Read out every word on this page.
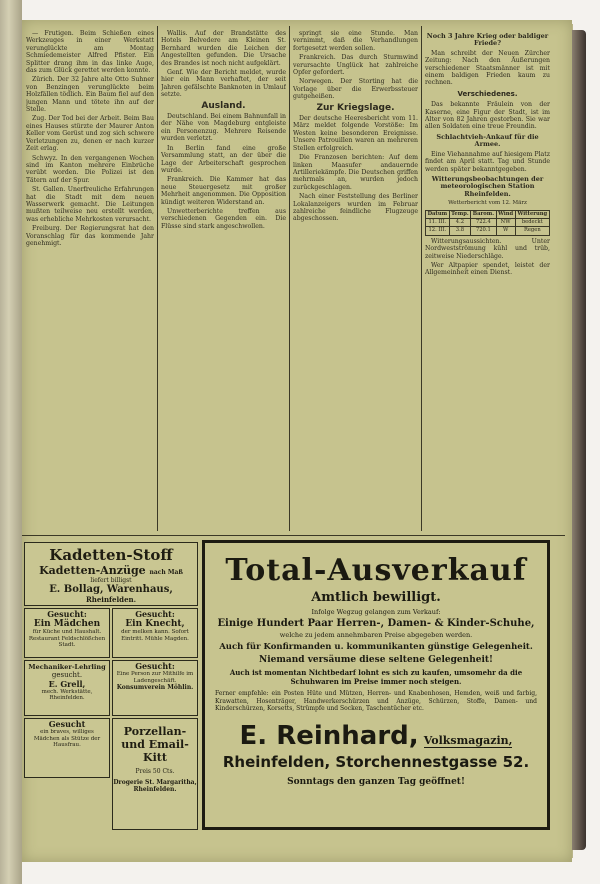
— Frutigen. Beim Schießen eines Werkzeuges in einer Werkstatt verunglückte am Montag Schmiedemeister Alfred Pfister. Ein Splitter drang ihm in das linke Auge, das zum Glück gerettet werden konnte.

Zürich. Der 32 Jahre alte Otto Suhner von Benzingen verunglückte beim Holzfällen tödlich. Ein Baum fiel auf den jungen Mann und tötete ihn auf der Stelle.

Zug. Der Tod bei der Arbeit. Beim Bau eines Hauses stürzte der Maurer Anton Keller vom Gerüst und zog sich schwere Verletzungen zu, denen er nach kurzer Zeit erlag.

Schwyz. In den vergangenen Wochen sind im Kanton mehrere Einbrüche verübt worden. Die Polizei ist den Tätern auf der Spur.

St. Gallen. Unerfreuliche Erfahrungen hat die Stadt mit dem neuen Wasserwerk gemacht. Die Leitungen mußten teilweise neu erstellt werden, was erhebliche Mehrkosten verursacht.

Freiburg. Der Regierungsrat hat den Voranschlag für das kommende Jahr genehmigt.

Wallis. Auf der Brandstätte des Hotels Belvedere am Kleinen St. Bernhard wurden die Leichen der Angestellten gefunden. Die Ursache des Brandes ist noch nicht aufgeklärt.

Genf. Wie der Bericht meldet, wurde hier ein Mann verhaftet, der seit Jahren gefälschte Banknoten in Umlauf setzte.

Ausland.

Deutschland. Bei einem Bahnunfall in der Nähe von Magdeburg entgleiste ein Personenzug. Mehrere Reisende wurden verletzt.

In Berlin fand eine große Versammlung statt, an der über die Lage der Arbeiterschaft gesprochen wurde.

Frankreich. Die Kammer hat das neue Steuergesetz mit großer Mehrheit angenommen. Die Opposition kündigt weiteren Widerstand an.

Unwetterberichte treffen aus verschiedenen Gegenden ein. Die Flüsse sind stark angeschwollen.

springt sie eine Stunde. Man vernimmt, daß die Verhandlungen fortgesetzt werden sollen.

Frankreich. Das durch Sturmwind verursachte Unglück hat zahlreiche Opfer gefordert.

Norwegen. Der Storting hat die Vorlage über die Erwerbssteuer gutgeheißen.

Zur Kriegslage.

Der deutsche Heeresbericht vom 11. März meldet folgende Vorstöße: Im Westen keine besonderen Ereignisse. Unsere Patrouillen waren an mehreren Stellen erfolgreich.

Die Franzosen berichten: Auf dem linken Maasufer andauernde Artilleriekämpfe. Die Deutschen griffen mehrmals an, wurden jedoch zurückgeschlagen.

Nach einer Feststellung des Berliner Lokalanzeigers wurden im Februar zahlreiche feindliche Flugzeuge abgeschossen.

Noch 3 Jahre Krieg oder baldiger Friede?

Man schreibt der Neuen Zürcher Zeitung: Nach den Äußerungen verschiedener Staatsmänner ist mit einem baldigen Frieden kaum zu rechnen.

Verschiedenes.

Das bekannte Fräulein von der Kaserne, eine Figur der Stadt, ist im Alter von 82 Jahren gestorben. Sie war allen Soldaten eine treue Freundin.

Schlachtvieh-Ankauf für die Armee.

Eine Viehannahme auf hiesigem Platz findet am April statt. Tag und Stunde werden später bekanntgegeben.

Witterungsbeobachtungen der meteorologischen Station Rheinfelden.
Wetterbericht vom 12. März
Datum	Temp.	Barom.	Wind	Witterung
11. III.	4.2	722.4	NW	bedeckt
12. III.	3.8	720.1	W	Regen

Witterungsaussichten. Unter Nordwestströmung kühl und trüb, zeitweise Niederschläge.

Wer Altpapier spendet, leistet der Allgemeinheit einen Dienst.

Kadetten-Stoff
Kadetten-Anzüge nach Maß
liefert billigst
E. Bollag, Warenhaus,
Rheinfelden.
Gesucht:
Ein Mädchen
für Küche und Haushalt. Restaurant Feldschlößchen Stadt.
Gesucht:
Ein Knecht,
der melken kann. Sofort Eintritt. Mühle Magden.
Mechaniker-Lehrling
gesucht.
E. Grell,
mech. Werkstätte, Rheinfelden.
Gesucht:
Eine Person zur Mithilfe im Ladengeschäft.
Konsumverein Möhlin.
Gesucht
ein braves, williges Mädchen als Stütze der Hausfrau.
Porzellan- und Email-Kitt
Preis 50 Cts.
Drogerie St. Margaritha, Rheinfelden.
Total-Ausverkauf
Amtlich bewilligt.
Infolge Wegzug gelangen zum Verkauf:
Einige Hundert Paar Herren-, Damen- & Kinder-Schuhe,
welche zu jedem annehmbaren Preise abgegeben werden.
Auch für Konfirmanden u. kommunikanten günstige Gelegenheit.
Niemand versäume diese seltene Gelegenheit!
Auch ist momentan Nichtbedarf lohnt es sich zu kaufen, umsomehr da die Schuhwaren im Preise immer noch steigen.
Ferner empfehle: ein Posten Hüte und Mützen, Herren- und Knabenhosen, Hemden, weiß und farbig, Krawatten, Hosenträger, Handwerkerschürzen und Anzüge, Schürzen, Stoffe, Damen- und Kinderschürzen, Korsetts, Strümpfe und Socken, Taschentücher etc.
E. Reinhard, Volksmagazin,
Rheinfelden, Storchennestgasse 52.
Sonntags den ganzen Tag geöffnet!
